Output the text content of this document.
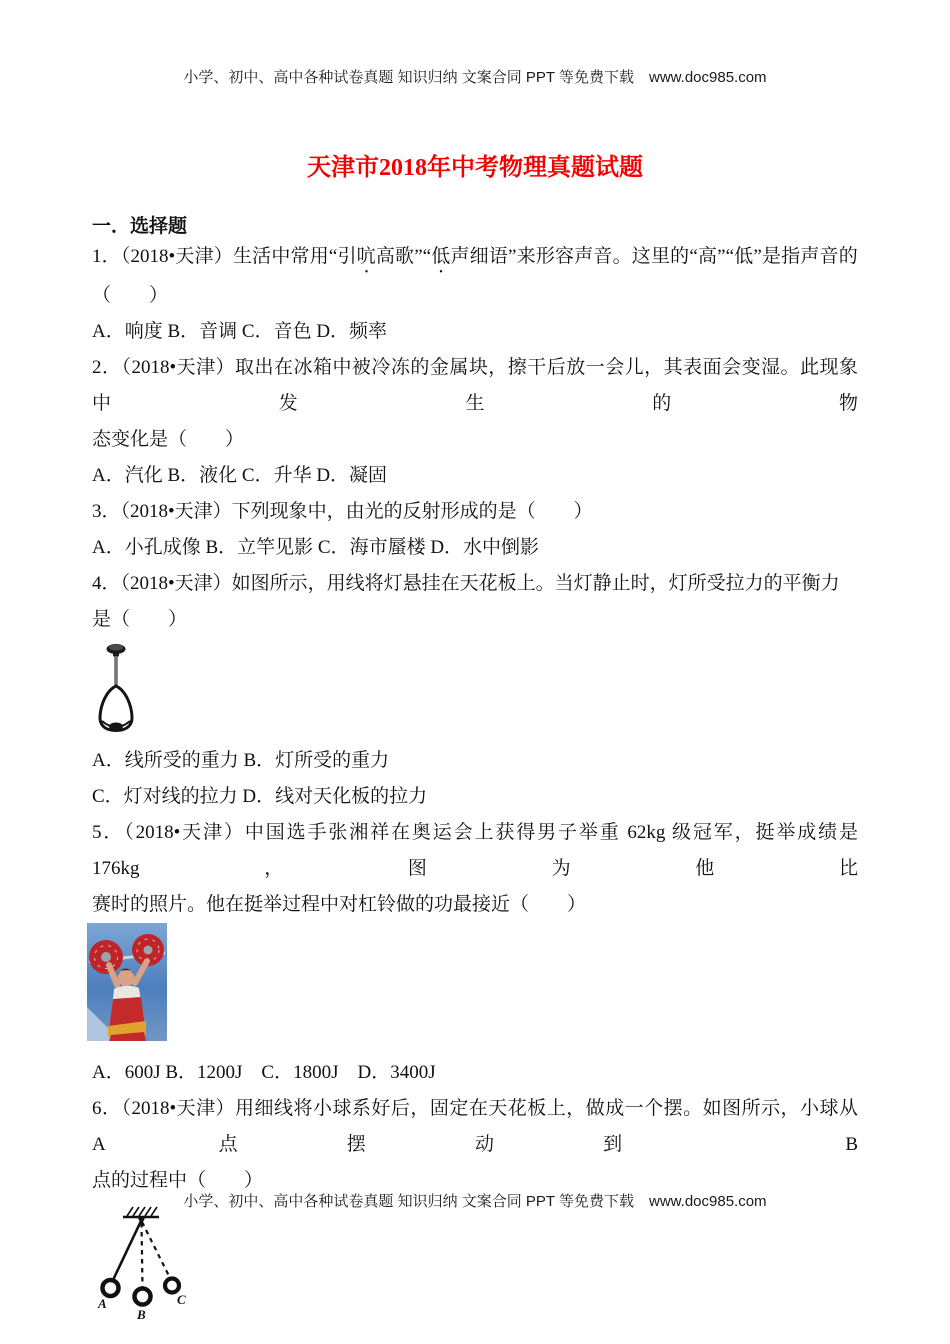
小学、初中、高中各种试卷真题 知识归纳 文案合同 PPT 等免费下载　www.doc985.com
天津市2018年中考物理真题试题
一．选择题
1．（2018•天津）生活中常用“引吭高歌”“低声细语”来形容声音。这里的“高”“低”是指声音的
（　　）
A．响度 B．音调 C．音色 D．频率
2．（2018•天津）取出在冰箱中被冷冻的金属块，擦干后放一会儿，其表面会变湿。此现象中发生的物
态变化是（　　）
A．汽化 B．液化 C．升华 D．凝固
3．（2018•天津）下列现象中，由光的反射形成的是（　　）
A．小孔成像 B．立竿见影 C．海市蜃楼 D．水中倒影
4．（2018•天津）如图所示，用线将灯悬挂在天花板上。当灯静止时，灯所受拉力的平衡力是（　　）
A．线所受的重力 B．灯所受的重力
C．灯对线的拉力 D．线对天化板的拉力
5．（2018•天津）中国选手张湘祥在奥运会上获得男子举重 62kg 级冠军，挺举成绩是 176kg，图为他比
赛时的照片。他在挺举过程中对杠铃做的功最接近（　　）
A．600J B．1200J　C．1800J　D．3400J
6．（2018•天津）用细线将小球系好后，固定在天花板上，做成一个摆。如图所示，小球从 A 点摆动到 B
点的过程中（　　）
A
B
C
小学、初中、高中各种试卷真题 知识归纳 文案合同 PPT 等免费下载　www.doc985.com
